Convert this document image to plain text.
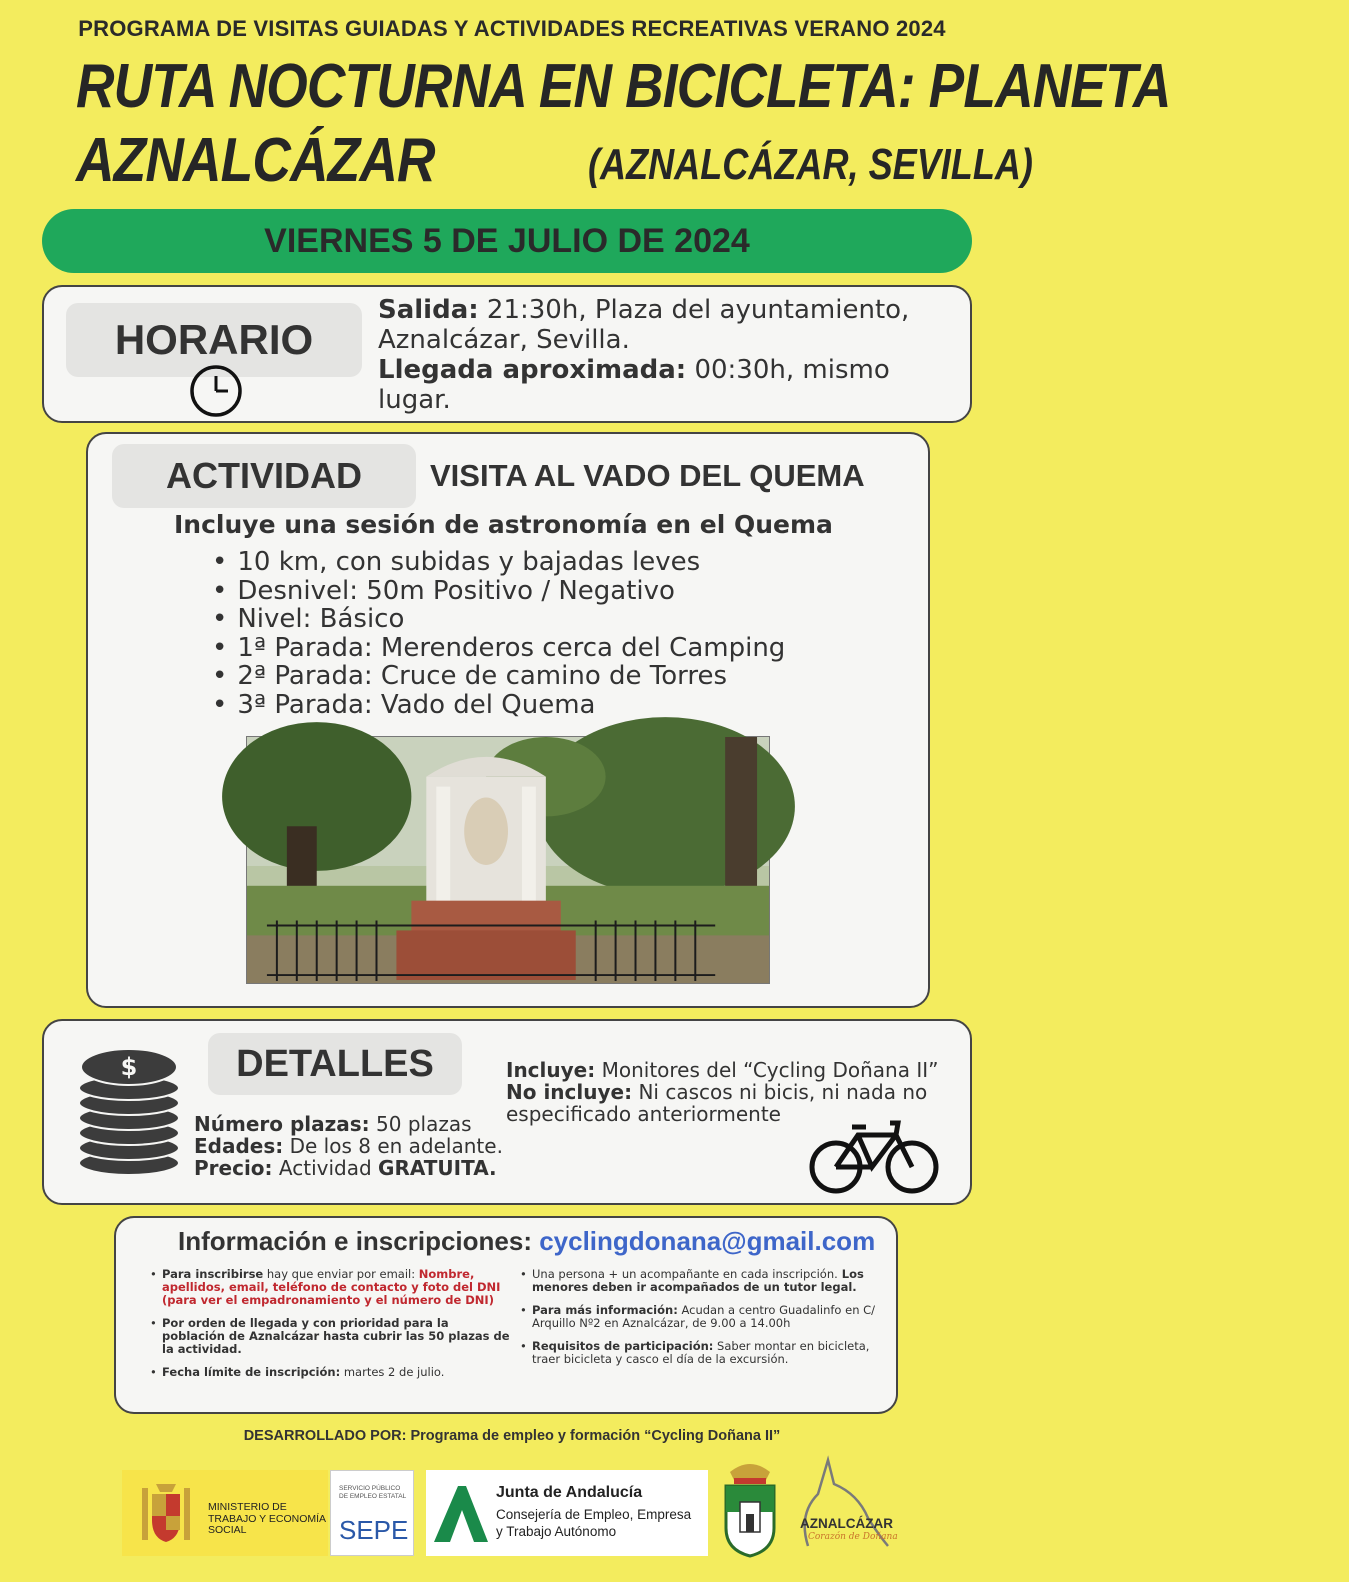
PROGRAMA DE VISITAS GUIADAS Y ACTIVIDADES RECREATIVAS VERANO 2024
RUTA NOCTURNA EN BICICLETA: PLANETA
AZNALCÁZAR	(AZNALCÁZAR, SEVILLA)
VIERNES 5 DE JULIO DE 2024
HORARIO
Salida: 21:30h, Plaza del ayuntamiento, Aznalcázar, Sevilla.
Llegada aproximada: 00:30h, mismo lugar.
ACTIVIDAD	VISITA AL VADO DEL QUEMA
Incluye una sesión de astronomía en el Quema
• 10 km, con subidas y bajadas leves
• Desnivel: 50m Positivo / Negativo
• Nivel: Básico
• 1ª Parada: Merenderos cerca del Camping
• 2ª Parada: Cruce de camino de Torres
• 3ª Parada: Vado del Quema
$	DETALLES
Número plazas: 50 plazas
Edades: De los 8 en adelante.
Precio: Actividad GRATUITA.
Incluye: Monitores del “Cycling Doñana II”
No incluye: Ni cascos ni bicis, ni nada no especificado anteriormente
Información e inscripciones: cyclingdonana@gmail.com
• Para inscribirse hay que enviar por email: Nombre, apellidos, email, teléfono de contacto y foto del DNI (para ver el empadronamiento y el número de DNI)
• Por orden de llegada y con prioridad para la población de Aznalcázar hasta cubrir las 50 plazas de la actividad.
• Fecha límite de inscripción: martes 2 de julio.
• Una persona + un acompañante en cada inscripción. Los menores deben ir acompañados de un tutor legal.
• Para más información: Acudan a centro Guadalinfo en C/ Arquillo Nº2 en Aznalcázar, de 9.00 a 14.00h
• Requisitos de participación: Saber montar en bicicleta, traer bicicleta y casco el día de la excursión.
DESARROLLADO POR: Programa de empleo y formación “Cycling Doñana II”
MINISTERIO DE TRABAJO Y ECONOMÍA SOCIAL
SERVICIO PÚBLICO DE EMPLEO ESTATAL
SEPE
Junta de Andalucía
Consejería de Empleo, Empresa
y Trabajo Autónomo
AZNALCÁZAR
Corazón de Doñana
